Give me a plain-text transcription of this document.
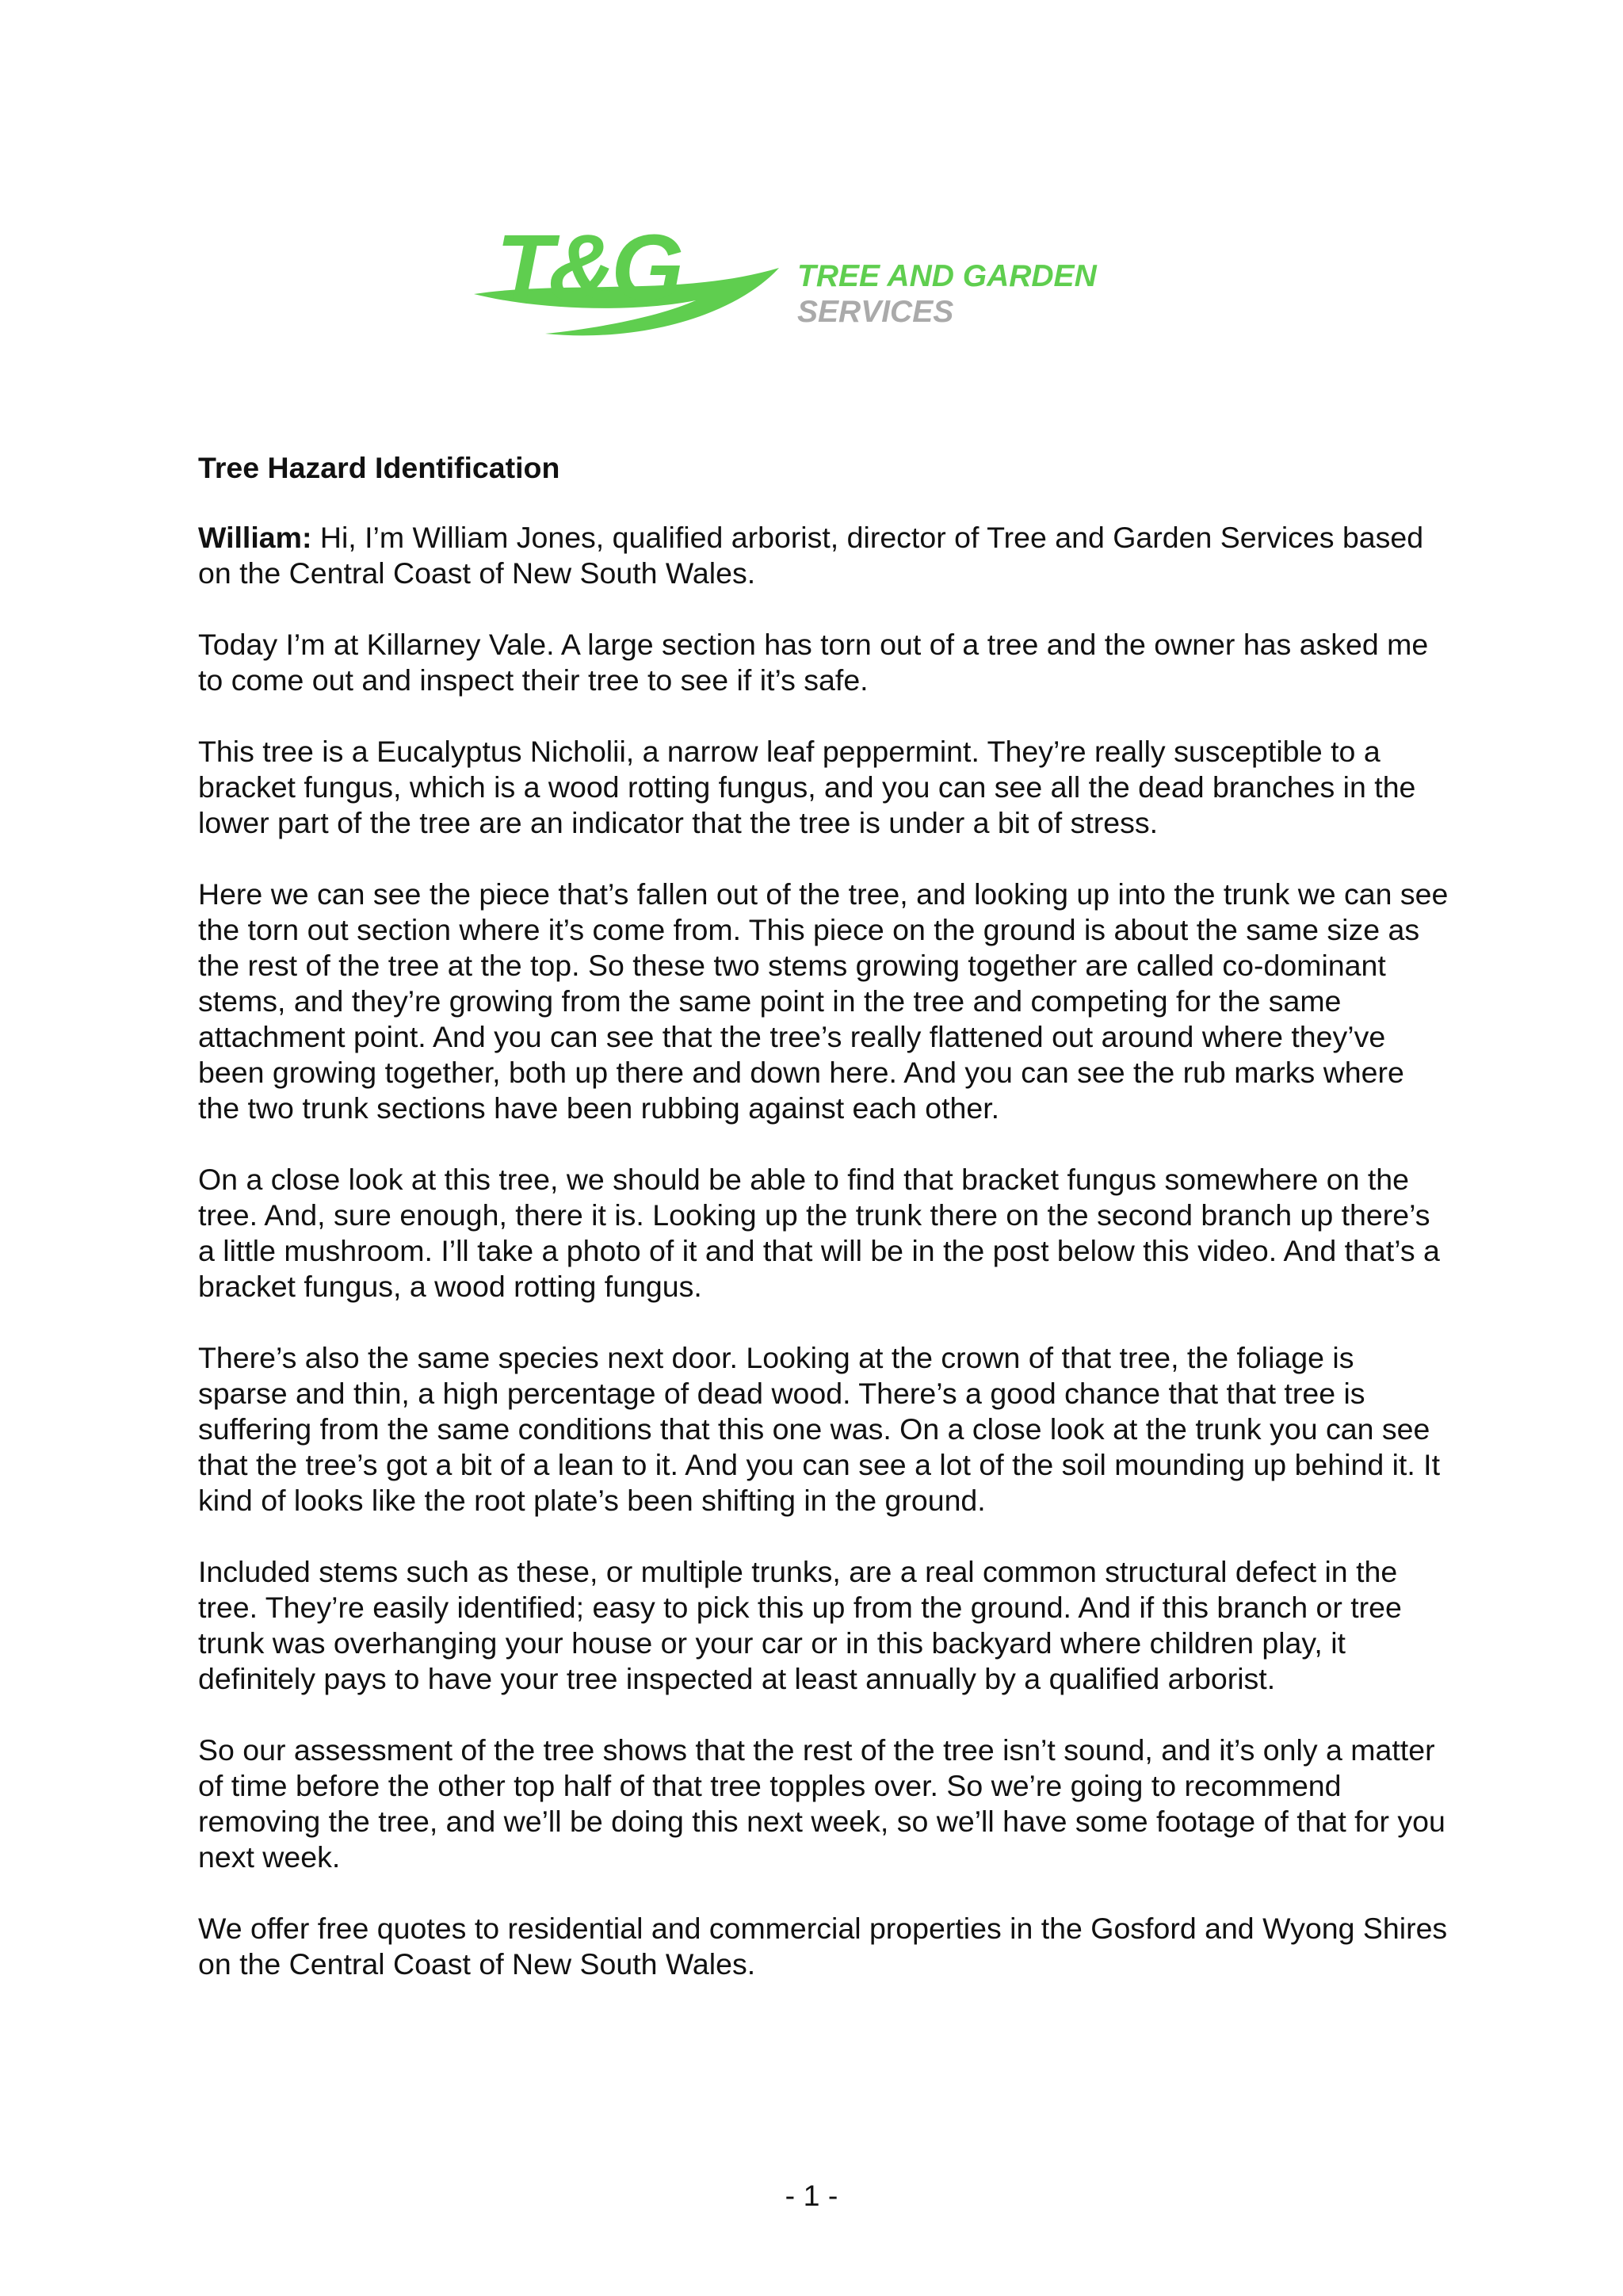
T&G	TREE AND GARDEN
SERVICES
Tree Hazard Identification
William: Hi, I’m William Jones, qualified arborist, director of Tree and Garden Services based on the Central Coast of New South Wales.
Today I’m at Killarney Vale. A large section has torn out of a tree and the owner has asked me to come out and inspect their tree to see if it’s safe.
This tree is a Eucalyptus Nicholii, a narrow leaf peppermint. They’re really susceptible to a bracket fungus, which is a wood rotting fungus, and you can see all the dead branches in the lower part of the tree are an indicator that the tree is under a bit of stress.
Here we can see the piece that’s fallen out of the tree, and looking up into the trunk we can see the torn out section where it’s come from. This piece on the ground is about the same size as the rest of the tree at the top. So these two stems growing together are called co-dominant stems, and they’re growing from the same point in the tree and competing for the same attachment point. And you can see that the tree’s really flattened out around where they’ve been growing together, both up there and down here. And you can see the rub marks where the two trunk sections have been rubbing against each other.
On a close look at this tree, we should be able to find that bracket fungus somewhere on the tree. And, sure enough, there it is. Looking up the trunk there on the second branch up there’s a little mushroom. I’ll take a photo of it and that will be in the post below this video. And that’s a bracket fungus, a wood rotting fungus.
There’s also the same species next door. Looking at the crown of that tree, the foliage is sparse and thin, a high percentage of dead wood. There’s a good chance that that tree is suffering from the same conditions that this one was. On a close look at the trunk you can see that the tree’s got a bit of a lean to it. And you can see a lot of the soil mounding up behind it. It kind of looks like the root plate’s been shifting in the ground.
Included stems such as these, or multiple trunks, are a real common structural defect in the tree. They’re easily identified; easy to pick this up from the ground. And if this branch or tree trunk was overhanging your house or your car or in this backyard where children play, it definitely pays to have your tree inspected at least annually by a qualified arborist.
So our assessment of the tree shows that the rest of the tree isn’t sound, and it’s only a matter of time before the other top half of that tree topples over. So we’re going to recommend removing the tree, and we’ll be doing this next week, so we’ll have some footage of that for you next week.
We offer free quotes to residential and commercial properties in the Gosford and Wyong Shires on the Central Coast of New South Wales.
- 1 -
